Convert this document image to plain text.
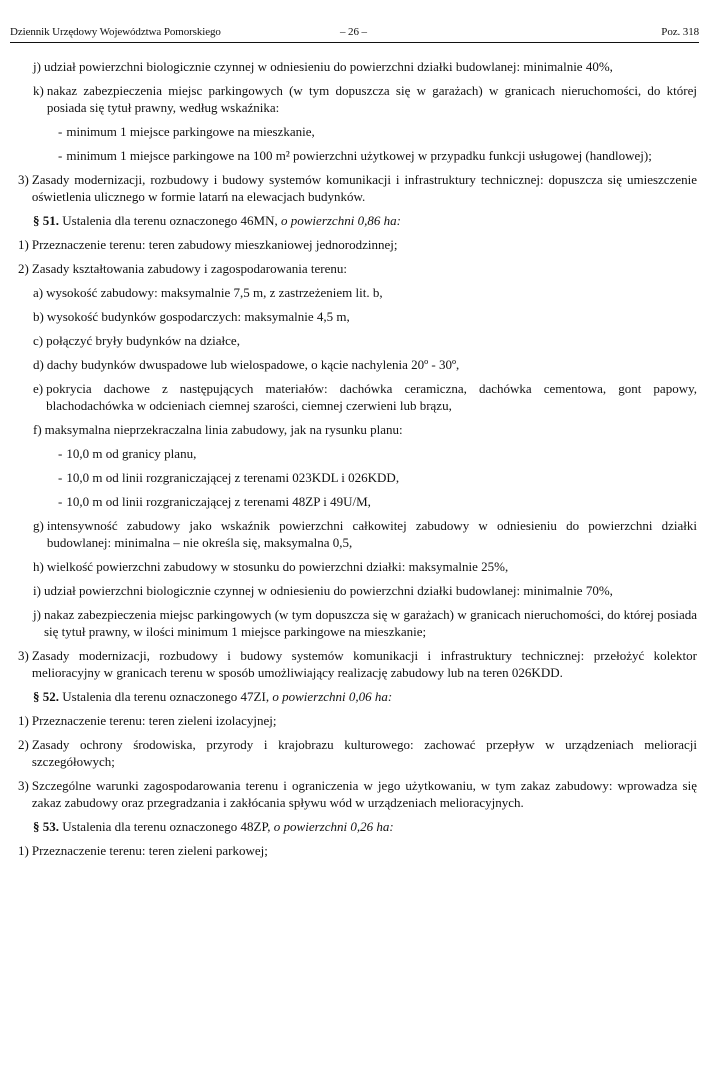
Dziennik Urzędowy Województwa Pomorskiego	– 26 –	Poz. 318
j) udział powierzchni biologicznie czynnej w odniesieniu do powierzchni działki budowlanej: minimalnie 40%,
k) nakaz zabezpieczenia miejsc parkingowych (w tym dopuszcza się w garażach) w granicach nieruchomości, do której posiada się tytuł prawny, według wskaźnika:
- minimum 1 miejsce parkingowe na mieszkanie,
- minimum 1 miejsce parkingowe na 100 m² powierzchni użytkowej w przypadku funkcji usługowej (handlowej);
3) Zasady modernizacji, rozbudowy i budowy systemów komunikacji i infrastruktury technicznej: dopuszcza się umieszczenie oświetlenia ulicznego w formie latarń na elewacjach budynków.
§ 51. Ustalenia dla terenu oznaczonego 46MN, o powierzchni 0,86 ha:
1) Przeznaczenie terenu: teren zabudowy mieszkaniowej jednorodzinnej;
2) Zasady kształtowania zabudowy i zagospodarowania terenu:
a) wysokość zabudowy: maksymalnie 7,5 m, z zastrzeżeniem lit. b,
b) wysokość budynków gospodarczych: maksymalnie 4,5 m,
c) połączyć bryły budynków na działce,
d) dachy budynków dwuspadowe lub wielospadowe, o kącie nachylenia 20º - 30º,
e) pokrycia dachowe z następujących materiałów: dachówka ceramiczna, dachówka cementowa, gont papowy, blachodachówka w odcieniach ciemnej szarości, ciemnej czerwieni lub brązu,
f) maksymalna nieprzekraczalna linia zabudowy, jak na rysunku planu:
- 10,0 m od granicy planu,
- 10,0 m od linii rozgraniczającej z terenami 023KDL i 026KDD,
- 10,0 m od linii rozgraniczającej z terenami 48ZP i 49U/M,
g) intensywność zabudowy jako wskaźnik powierzchni całkowitej zabudowy w odniesieniu do powierzchni działki budowlanej: minimalna – nie określa się, maksymalna 0,5,
h) wielkość powierzchni zabudowy w stosunku do powierzchni działki: maksymalnie 25%,
i) udział powierzchni biologicznie czynnej w odniesieniu do powierzchni działki budowlanej: minimalnie 70%,
j) nakaz zabezpieczenia miejsc parkingowych (w tym dopuszcza się w garażach) w granicach nieruchomości, do której posiada się tytuł prawny, w ilości minimum 1 miejsce parkingowe na mieszkanie;
3) Zasady modernizacji, rozbudowy i budowy systemów komunikacji i infrastruktury technicznej: przełożyć kolektor melioracyjny w granicach terenu w sposób umożliwiający realizację zabudowy lub na teren 026KDD.
§ 52. Ustalenia dla terenu oznaczonego 47ZI, o powierzchni 0,06 ha:
1) Przeznaczenie terenu: teren zieleni izolacyjnej;
2) Zasady ochrony środowiska, przyrody i krajobrazu kulturowego: zachować przepływ w urządzeniach melioracji szczegółowych;
3) Szczególne warunki zagospodarowania terenu i ograniczenia w jego użytkowaniu, w tym zakaz zabudowy: wprowadza się zakaz zabudowy oraz przegradzania i zakłócania spływu wód w urządzeniach melioracyjnych.
§ 53. Ustalenia dla terenu oznaczonego 48ZP, o powierzchni 0,26 ha:
1) Przeznaczenie terenu: teren zieleni parkowej;
